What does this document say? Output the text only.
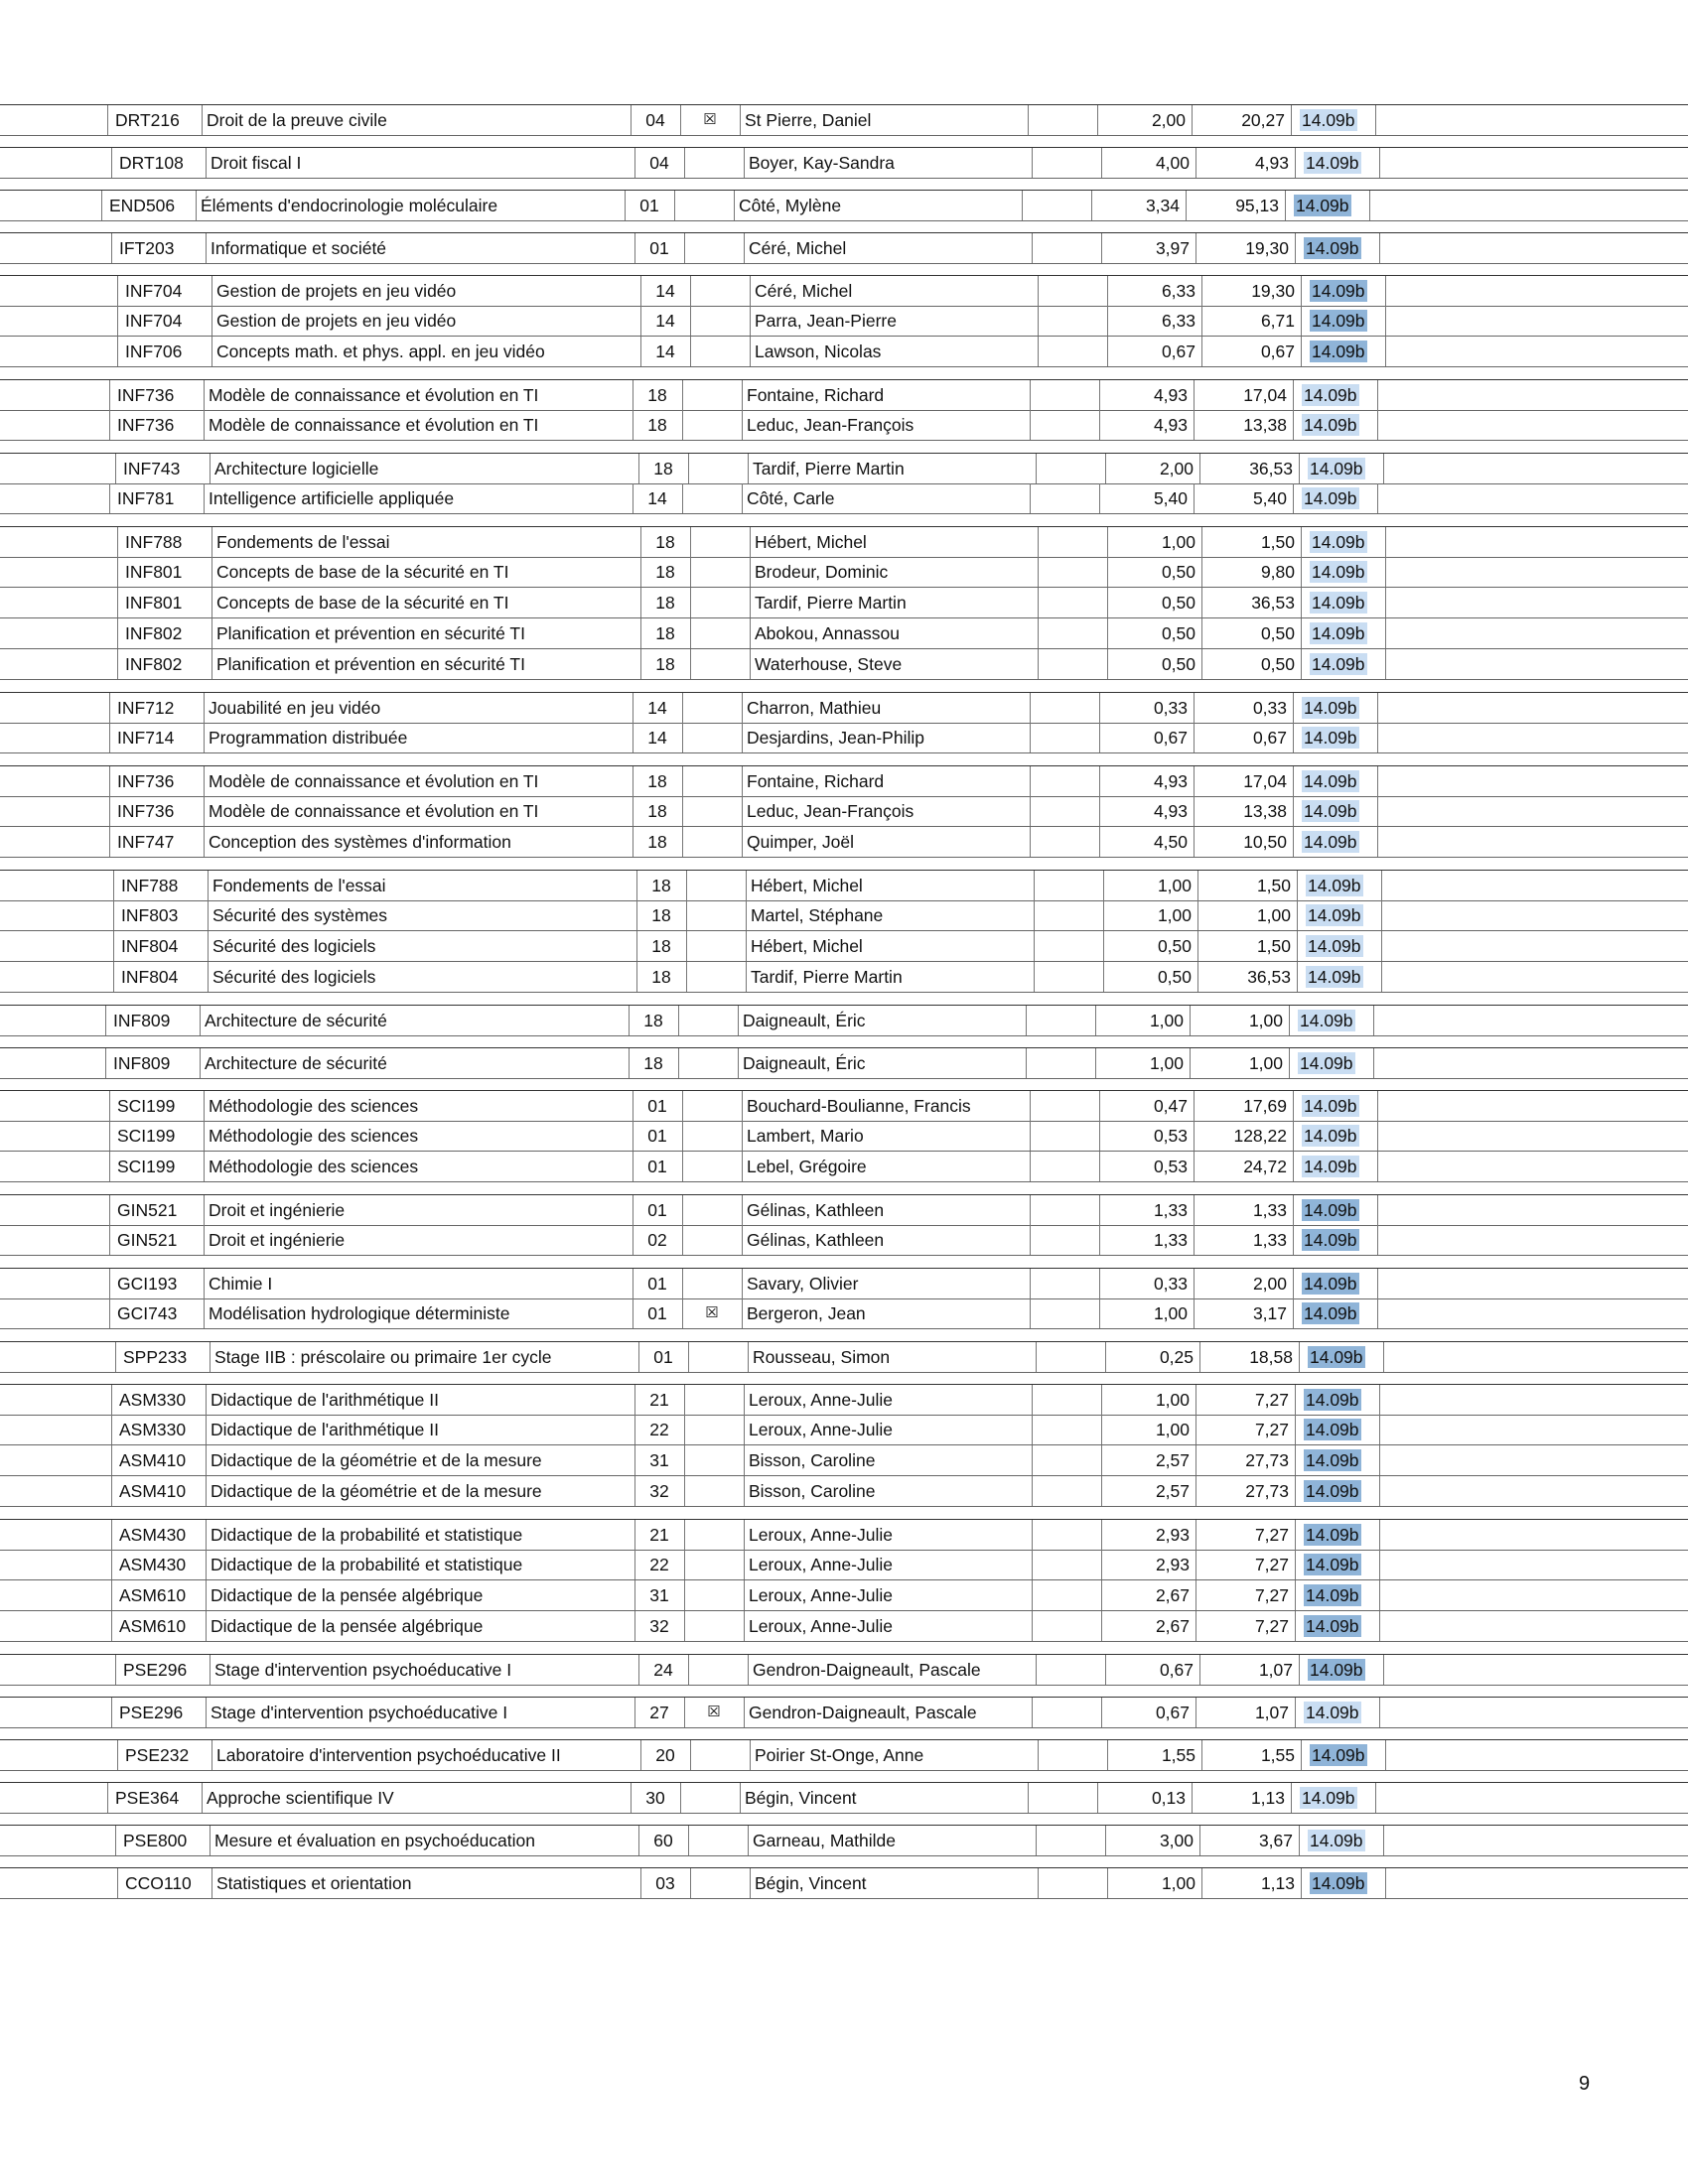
DRT216	Droit de la preuve civile	04	☒	St Pierre, Daniel	2,00	20,27 14.09b
DRT108	Droit fiscal I	04	Boyer, Kay-Sandra	4,00	4,93 14.09b
END506	Éléments d'endocrinologie moléculaire	01	Côté, Mylène	3,34	95,13 14.09b
IFT203	Informatique et société	01	Céré, Michel	3,97	19,30 14.09b
INF704	Gestion de projets en jeu vidéo	14	Céré, Michel	6,33	19,30 14.09b
INF704	Gestion de projets en jeu vidéo	14	Parra, Jean-Pierre	6,33	6,71 14.09b
INF706	Concepts math. et phys. appl. en jeu vidéo	14	Lawson, Nicolas	0,67	0,67 14.09b
INF736	Modèle de connaissance et évolution en TI	18	Fontaine, Richard	4,93	17,04 14.09b
INF736	Modèle de connaissance et évolution en TI	18	Leduc, Jean-François	4,93	13,38 14.09b
INF743	Architecture logicielle	18	Tardif, Pierre Martin	2,00	36,53 14.09b
INF781	Intelligence artificielle appliquée	14	Côté, Carle	5,40	5,40 14.09b
INF788	Fondements de l'essai	18	Hébert, Michel	1,00	1,50 14.09b
INF801	Concepts de base de la sécurité en TI	18	Brodeur, Dominic	0,50	9,80 14.09b
INF801	Concepts de base de la sécurité en TI	18	Tardif, Pierre Martin	0,50	36,53 14.09b
INF802	Planification et prévention en sécurité TI	18	Abokou, Annassou	0,50	0,50 14.09b
INF802	Planification et prévention en sécurité TI	18	Waterhouse, Steve	0,50	0,50 14.09b
INF712	Jouabilité en jeu vidéo	14	Charron, Mathieu	0,33	0,33 14.09b
INF714	Programmation distribuée	14	Desjardins, Jean-Philip	0,67	0,67 14.09b
INF736	Modèle de connaissance et évolution en TI	18	Fontaine, Richard	4,93	17,04 14.09b
INF736	Modèle de connaissance et évolution en TI	18	Leduc, Jean-François	4,93	13,38 14.09b
INF747	Conception des systèmes d'information	18	Quimper, Joël	4,50	10,50 14.09b
INF788	Fondements de l'essai	18	Hébert, Michel	1,00	1,50 14.09b
INF803	Sécurité des systèmes	18	Martel, Stéphane	1,00	1,00 14.09b
INF804	Sécurité des logiciels	18	Hébert, Michel	0,50	1,50 14.09b
INF804	Sécurité des logiciels	18	Tardif, Pierre Martin	0,50	36,53 14.09b
INF809	Architecture de sécurité	18	Daigneault, Éric	1,00	1,00 14.09b
INF809	Architecture de sécurité	18	Daigneault, Éric	1,00	1,00 14.09b
SCI199	Méthodologie des sciences	01	Bouchard-Boulianne, Francis	0,47	17,69 14.09b
SCI199	Méthodologie des sciences	01	Lambert, Mario	0,53	128,22 14.09b
SCI199	Méthodologie des sciences	01	Lebel, Grégoire	0,53	24,72 14.09b
GIN521	Droit et ingénierie	01	Gélinas, Kathleen	1,33	1,33 14.09b
GIN521	Droit et ingénierie	02	Gélinas, Kathleen	1,33	1,33 14.09b
GCI193	Chimie I	01	Savary, Olivier	0,33	2,00 14.09b
GCI743	Modélisation hydrologique déterministe	01	☒	Bergeron, Jean	1,00	3,17 14.09b
SPP233	Stage IIB : préscolaire ou primaire 1er cycle	01	Rousseau, Simon	0,25	18,58 14.09b
ASM330	Didactique de l'arithmétique II	21	Leroux, Anne-Julie	1,00	7,27 14.09b
ASM330	Didactique de l'arithmétique II	22	Leroux, Anne-Julie	1,00	7,27 14.09b
ASM410	Didactique de la géométrie et de la mesure	31	Bisson, Caroline	2,57	27,73 14.09b
ASM410	Didactique de la géométrie et de la mesure	32	Bisson, Caroline	2,57	27,73 14.09b
ASM430	Didactique de la probabilité et statistique	21	Leroux, Anne-Julie	2,93	7,27 14.09b
ASM430	Didactique de la probabilité et statistique	22	Leroux, Anne-Julie	2,93	7,27 14.09b
ASM610	Didactique de la pensée algébrique	31	Leroux, Anne-Julie	2,67	7,27 14.09b
ASM610	Didactique de la pensée algébrique	32	Leroux, Anne-Julie	2,67	7,27 14.09b
PSE296	Stage d'intervention psychoéducative I	24	Gendron-Daigneault, Pascale	0,67	1,07 14.09b
PSE296	Stage d'intervention psychoéducative I	27	☒	Gendron-Daigneault, Pascale	0,67	1,07 14.09b
PSE232	Laboratoire d'intervention psychoéducative II	20	Poirier St-Onge, Anne	1,55	1,55 14.09b
PSE364	Approche scientifique IV	30	Bégin, Vincent	0,13	1,13 14.09b
PSE800	Mesure et évaluation en psychoéducation	60	Garneau, Mathilde	3,00	3,67 14.09b
CCO110	Statistiques et orientation	03	Bégin, Vincent	1,00	1,13 14.09b
9
